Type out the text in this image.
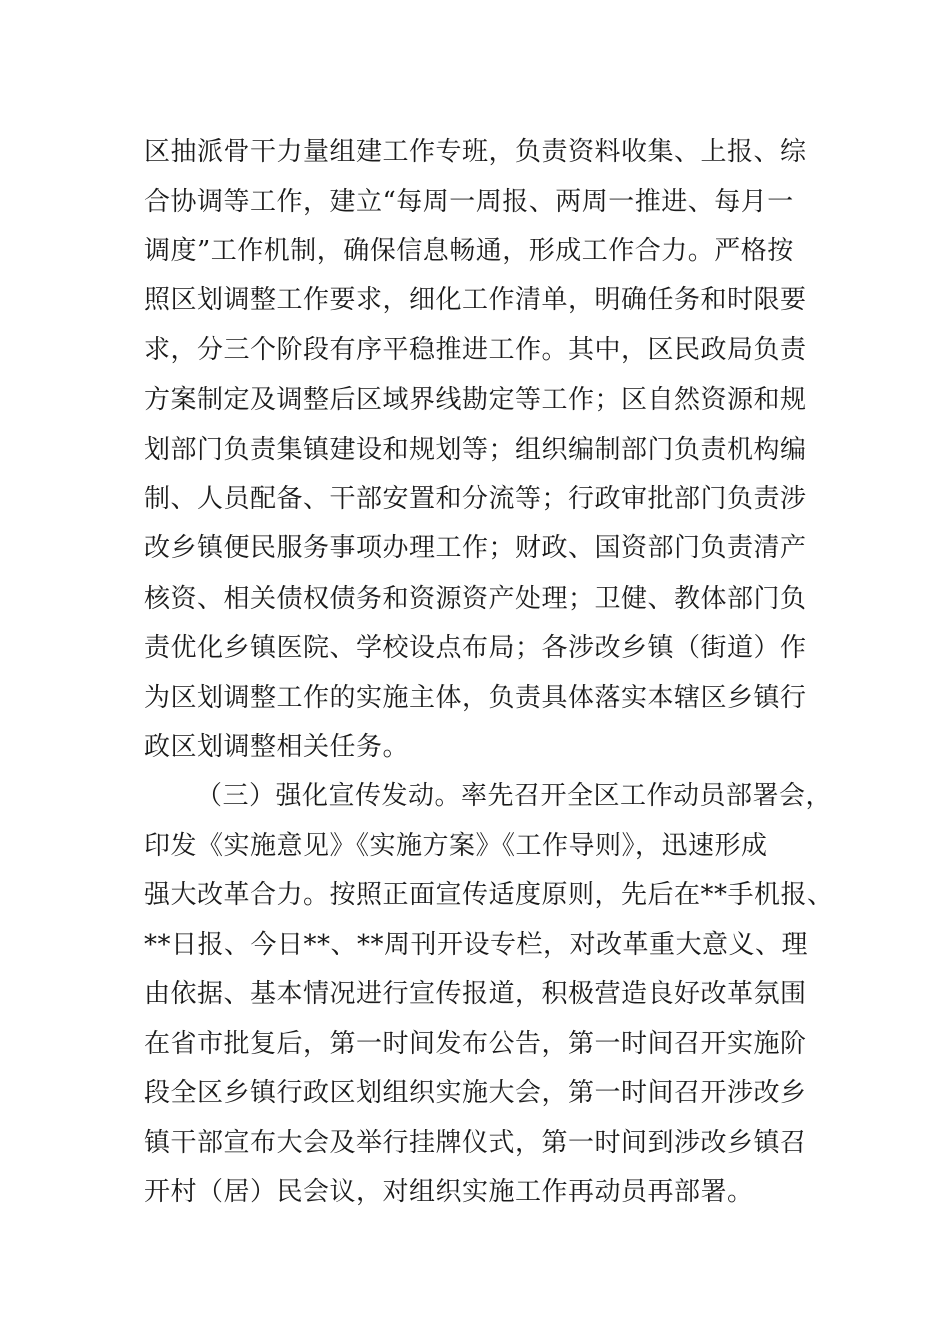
区抽派骨干力量组建工作专班，负责资料收集、上报、综
合协调等工作，建立“每周一周报、两周一推进、每月一
调度”工作机制，确保信息畅通，形成工作合力。严格按
照区划调整工作要求，细化工作清单，明确任务和时限要
求，分三个阶段有序平稳推进工作。其中，区民政局负责
方案制定及调整后区域界线勘定等工作；区自然资源和规
划部门负责集镇建设和规划等；组织编制部门负责机构编
制、人员配备、干部安置和分流等；行政审批部门负责涉
改乡镇便民服务事项办理工作；财政、国资部门负责清产
核资、相关债权债务和资源资产处理；卫健、教体部门负
责优化乡镇医院、学校设点布局；各涉改乡镇（街道）作
为区划调整工作的实施主体，负责具体落实本辖区乡镇行
政区划调整相关任务。
（三）强化宣传发动。率先召开全区工作动员部署会，
印发《实施意见》《实施方案》《工作导则》，迅速形成
强大改革合力。按照正面宣传适度原则，先后在**手机报、
**日报、今日**、**周刊开设专栏，对改革重大意义、理
由依据、基本情况进行宣传报道，积极营造良好改革氛围
在省市批复后，第一时间发布公告，第一时间召开实施阶
段全区乡镇行政区划组织实施大会，第一时间召开涉改乡
镇干部宣布大会及举行挂牌仪式，第一时间到涉改乡镇召
开村（居）民会议，对组织实施工作再动员再部署。
